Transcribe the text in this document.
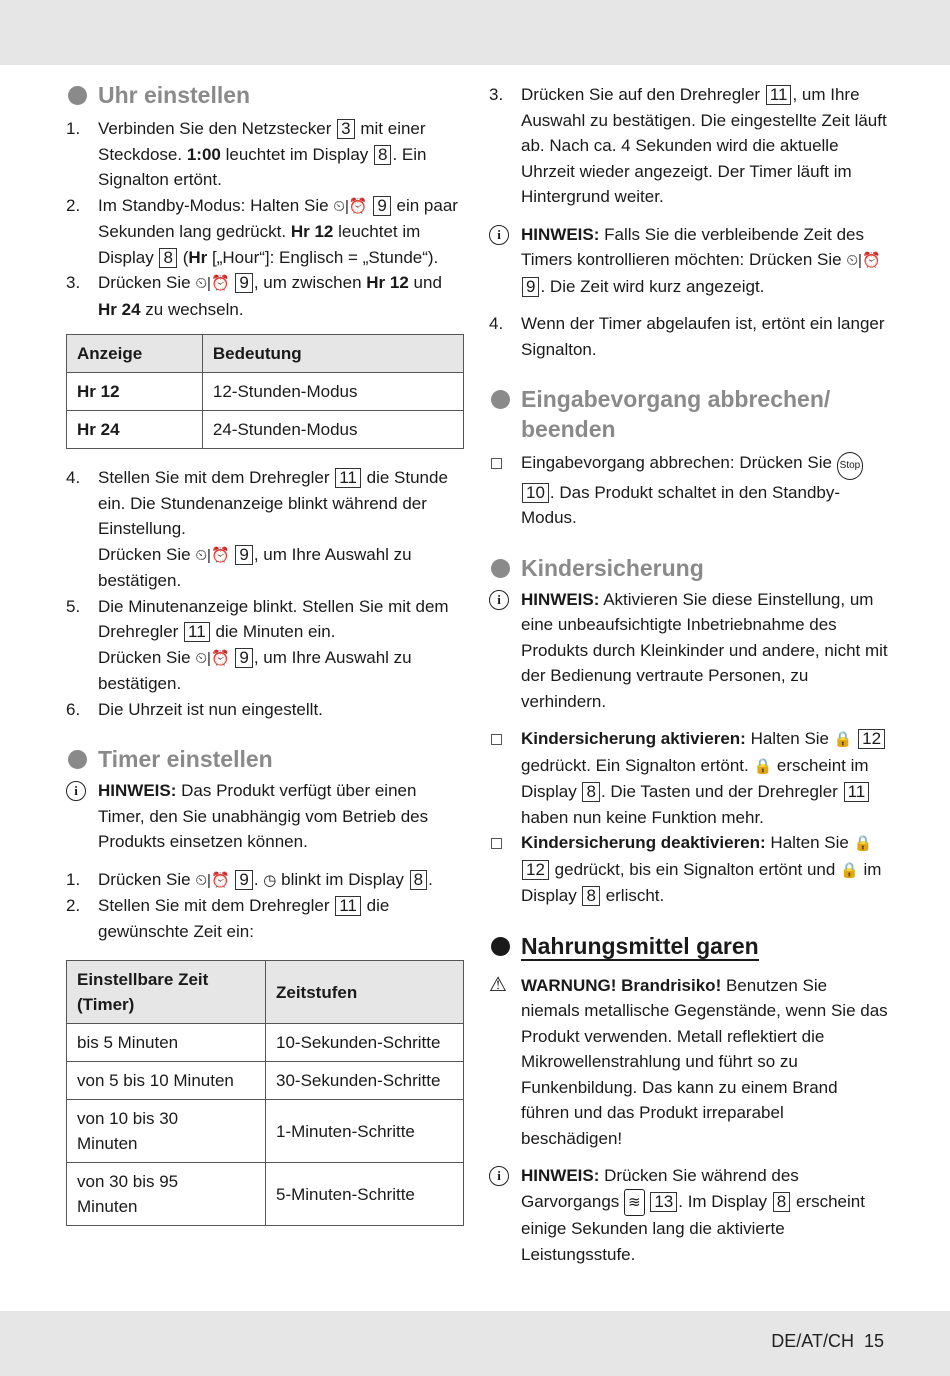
Uhr einstellen
1. Verbinden Sie den Netzstecker 3 mit einer Steckdose. 1:00 leuchtet im Display 8 . Ein Signalton ertönt.
2. Im Standby-Modus: Halten Sie ⏲|⏰ 9 ein paar Sekunden lang gedrückt. Hr 12 leuchtet im Display 8 (Hr [„Hour“]: Englisch = „Stunde“).
3. Drücken Sie ⏲|⏰ 9 , um zwischen Hr 12 und Hr 24 zu wechseln.
Anzeige	Bedeutung
Hr 12	12-Stunden-Modus
Hr 24	24-Stunden-Modus
4. Stellen Sie mit dem Drehregler 11 die Stunde ein. Die Stundenanzeige blinkt während der Einstellung.
Drücken Sie ⏲|⏰ 9 , um Ihre Auswahl zu bestätigen.
5. Die Minutenanzeige blinkt. Stellen Sie mit dem Drehregler 11 die Minuten ein.
Drücken Sie ⏲|⏰ 9 , um Ihre Auswahl zu bestätigen.
6. Die Uhrzeit ist nun eingestellt.
Timer einstellen
i	HINWEIS: Das Produkt verfügt über einen Timer, den Sie unabhängig vom Betrieb des Produkts einsetzen können.
1. Drücken Sie ⏲|⏰ 9 . ◷ blinkt im Display 8 .
2. Stellen Sie mit dem Drehregler 11 die gewünschte Zeit ein:
Einstellbare Zeit (Timer)	Zeitstufen
bis 5 Minuten	10-Sekunden-Schritte
von 5 bis 10 Minuten	30-Sekunden-Schritte
von 10 bis 30 Minuten	1-Minuten-Schritte
von 30 bis 95 Minuten	5-Minuten-Schritte
3. Drücken Sie auf den Drehregler 11 , um Ihre Auswahl zu bestätigen. Die eingestellte Zeit läuft ab. Nach ca. 4 Sekunden wird die aktuelle Uhrzeit wieder angezeigt. Der Timer läuft im Hintergrund weiter.
i	HINWEIS: Falls Sie die verbleibende Zeit des Timers kontrollieren möchten: Drücken Sie ⏲|⏰ 9 . Die Zeit wird kurz angezeigt.
4. Wenn der Timer abgelaufen ist, ertönt ein langer Signalton.
Eingabevorgang abbrechen/
beenden
Eingabevorgang abbrechen: Drücken Sie Stop 10 . Das Produkt schaltet in den Standby-Modus.
Kindersicherung
i	HINWEIS: Aktivieren Sie diese Einstellung, um eine unbeaufsichtigte Inbetriebnahme des Produkts durch Kleinkinder und andere, nicht mit der Bedienung vertraute Personen, zu verhindern.
Kindersicherung aktivieren: Halten Sie 🔒 12 gedrückt. Ein Signalton ertönt. 🔒 erscheint im Display 8 . Die Tasten und der Drehregler 11 haben nun keine Funktion mehr.
Kindersicherung deaktivieren: Halten Sie 🔒 12 gedrückt, bis ein Signalton ertönt und 🔒 im Display 8 erlischt.
Nahrungsmittel garen
⚠ WARNUNG! Brandrisiko! Benutzen Sie niemals metallische Gegenstände, wenn Sie das Produkt verwenden. Metall reflektiert die Mikrowellenstrahlung und führt so zu Funkenbildung. Das kann zu einem Brand führen und das Produkt irreparabel beschädigen!
i	HINWEIS: Drücken Sie während des Garvorgangs ≋ 13 . Im Display 8 erscheint einige Sekunden lang die aktivierte Leistungsstufe.
DE/AT/CH 15
